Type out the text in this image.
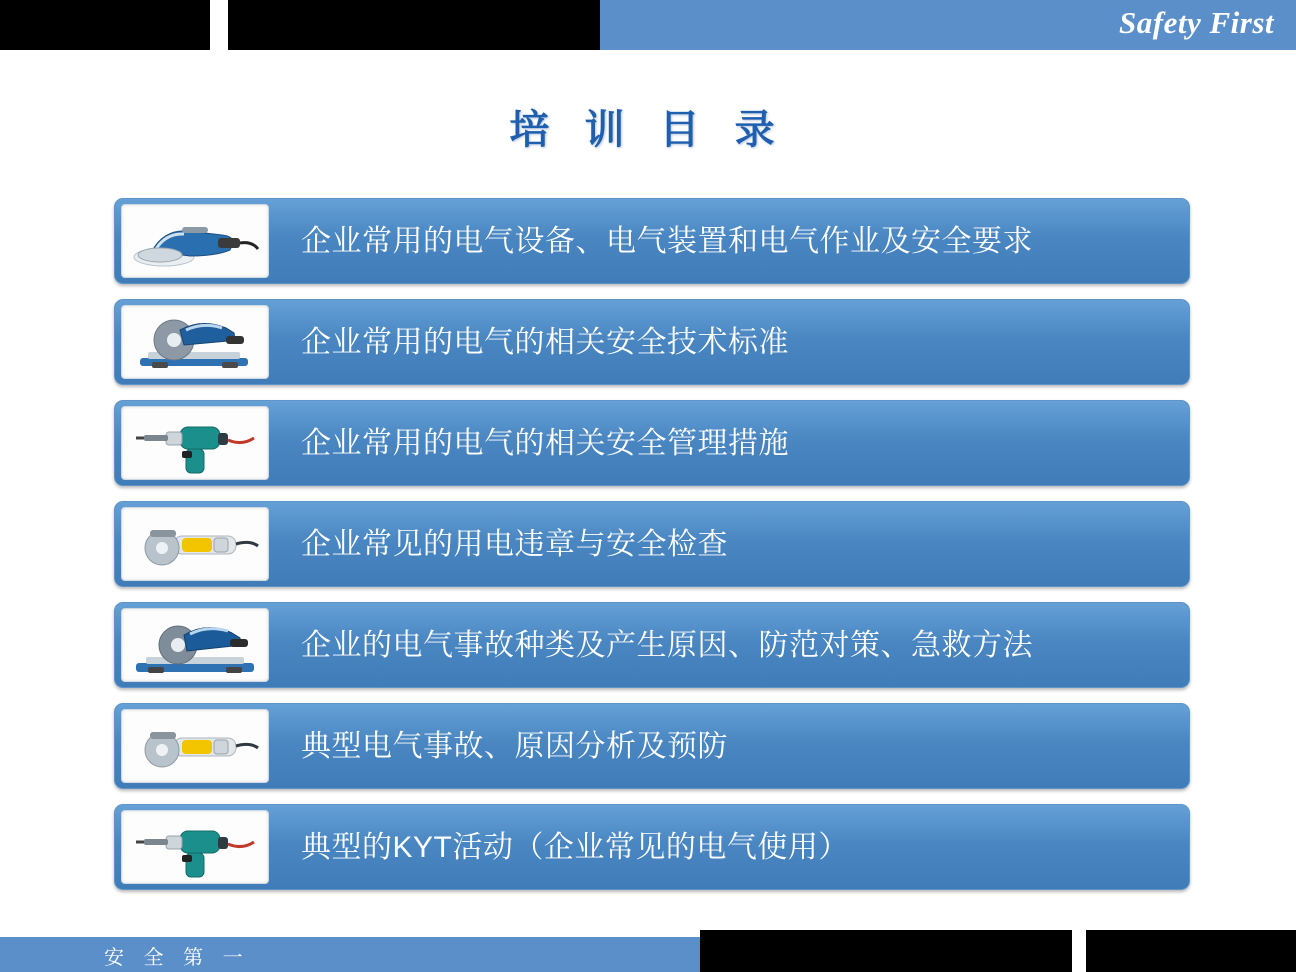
Safety First
培 训 目 录
企业常用的电气设备、电气装置和电气作业及安全要求
企业常用的电气的相关安全技术标准
企业常用的电气的相关安全管理措施
企业常见的用电违章与安全检查
企业的电气事故种类及产生原因、防范对策、急救方法
典型电气事故、原因分析及预防
典型的KYT活动（企业常见的电气使用）
安 全 第 一
